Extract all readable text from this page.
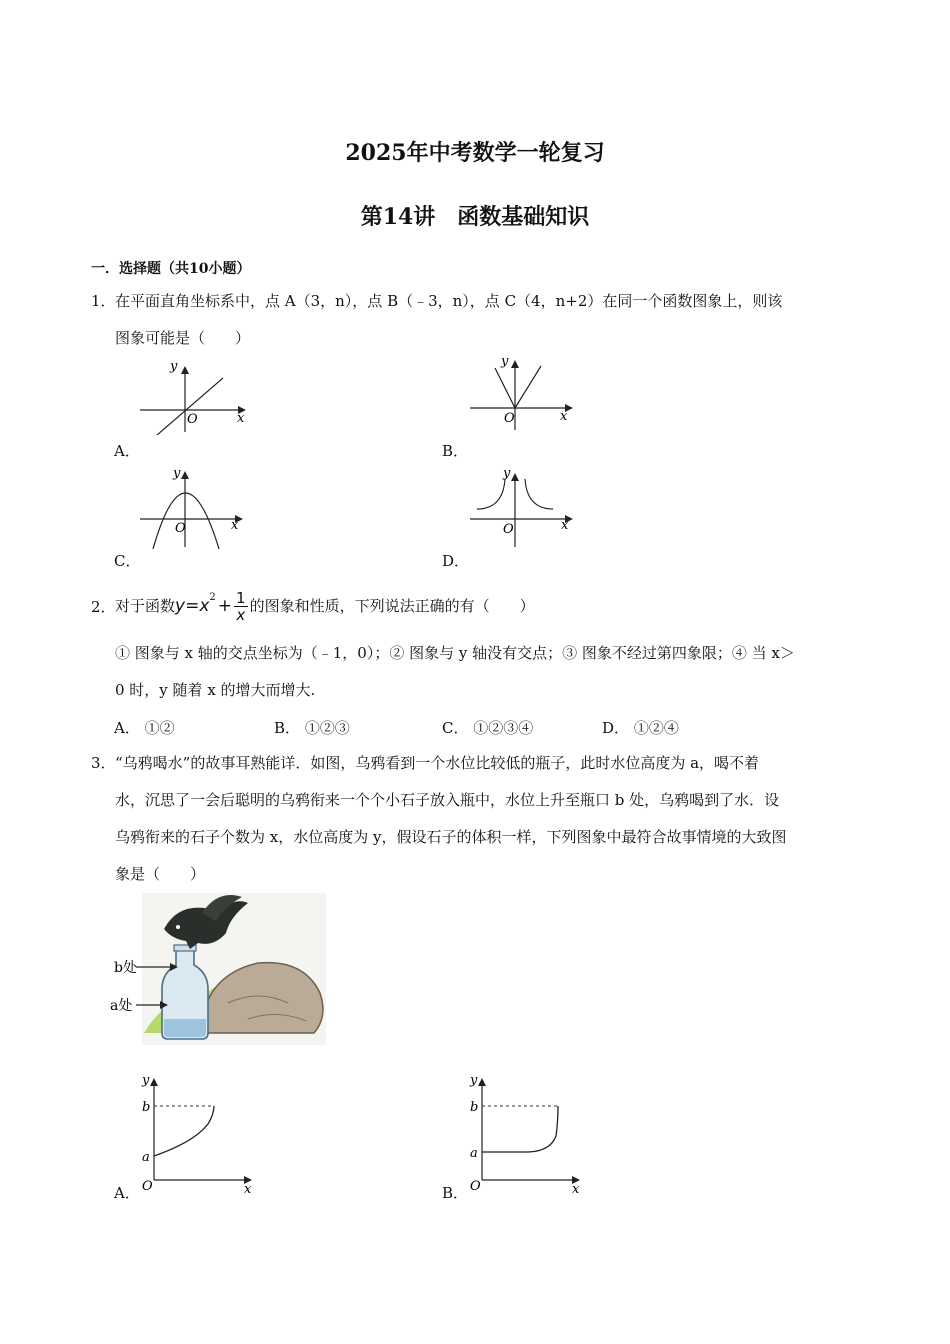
2025年中考数学一轮复习
第14讲　函数基础知识
一．选择题（共10小题）
1． 在平面直角坐标系中，点 A（3，n），点 B（﹣3，n），点 C（4，n+2）在同一个函数图象上，则该
图象可能是（　　）
y
O	x
A．
y
O	x
B．
y
O	x
C．
y
O	x
D．
2． 对于函数 $y = x^2 + \frac{1}{x}$ 的图象和性质，下列说法正确的有（　　）
① 图象与 x 轴的交点坐标为（﹣1，0）；② 图象与 y 轴没有交点；③ 图象不经过第四象限；④ 当 x＞
0 时，y 随着 x 的增大而增大.
A． ①②	B． ①②③	C． ①②③④	D． ①②④
3． “乌鸦喝水”的故事耳熟能详．如图，乌鸦看到一个水位比较低的瓶子，此时水位高度为 a，喝不着
水，沉思了一会后聪明的乌鸦衔来一个个小石子放入瓶中，水位上升至瓶口 b 处，乌鸦喝到了水．设
乌鸦衔来的石子个数为 x，水位高度为 y，假设石子的体积一样，下列图象中最符合故事情境的大致图
象是（　　）
b处
a处
y
b
a
O	x
A．
y
b
a
O	x
B．
